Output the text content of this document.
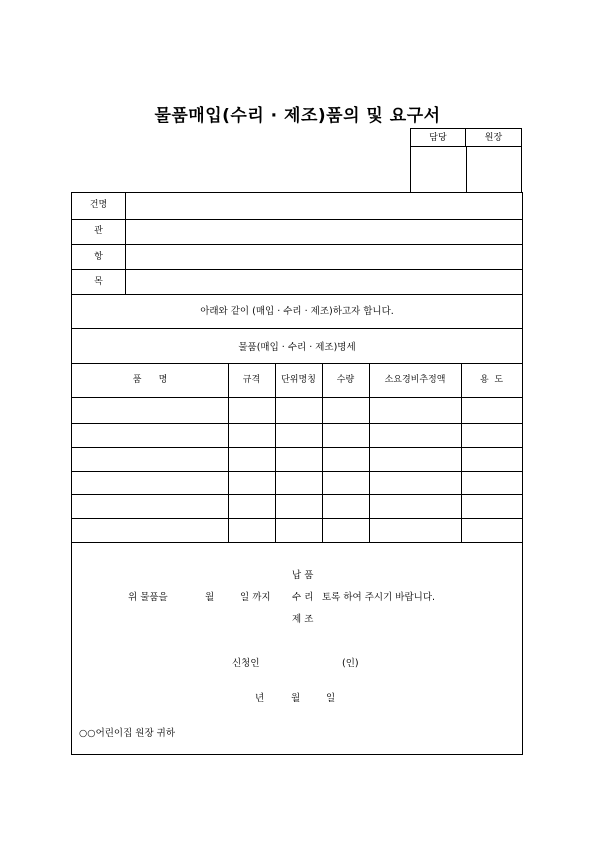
물품매입(수리 · 제조)품의 및 요구서
담당	원장
건명
관
항
목
아래와 같이 (매입 · 수리 · 제조)하고자 합니다.
물품(매입 · 수리 · 제조)명세
품      명	규격	단위명칭	수량	소요경비추정액	용  도
납 품
위 물품을	월	일 까지 수 리 토록 하여 주시기 바랍니다.
제 조
신청인	(인)
년	월	일
○○어린이집 원장 귀하
